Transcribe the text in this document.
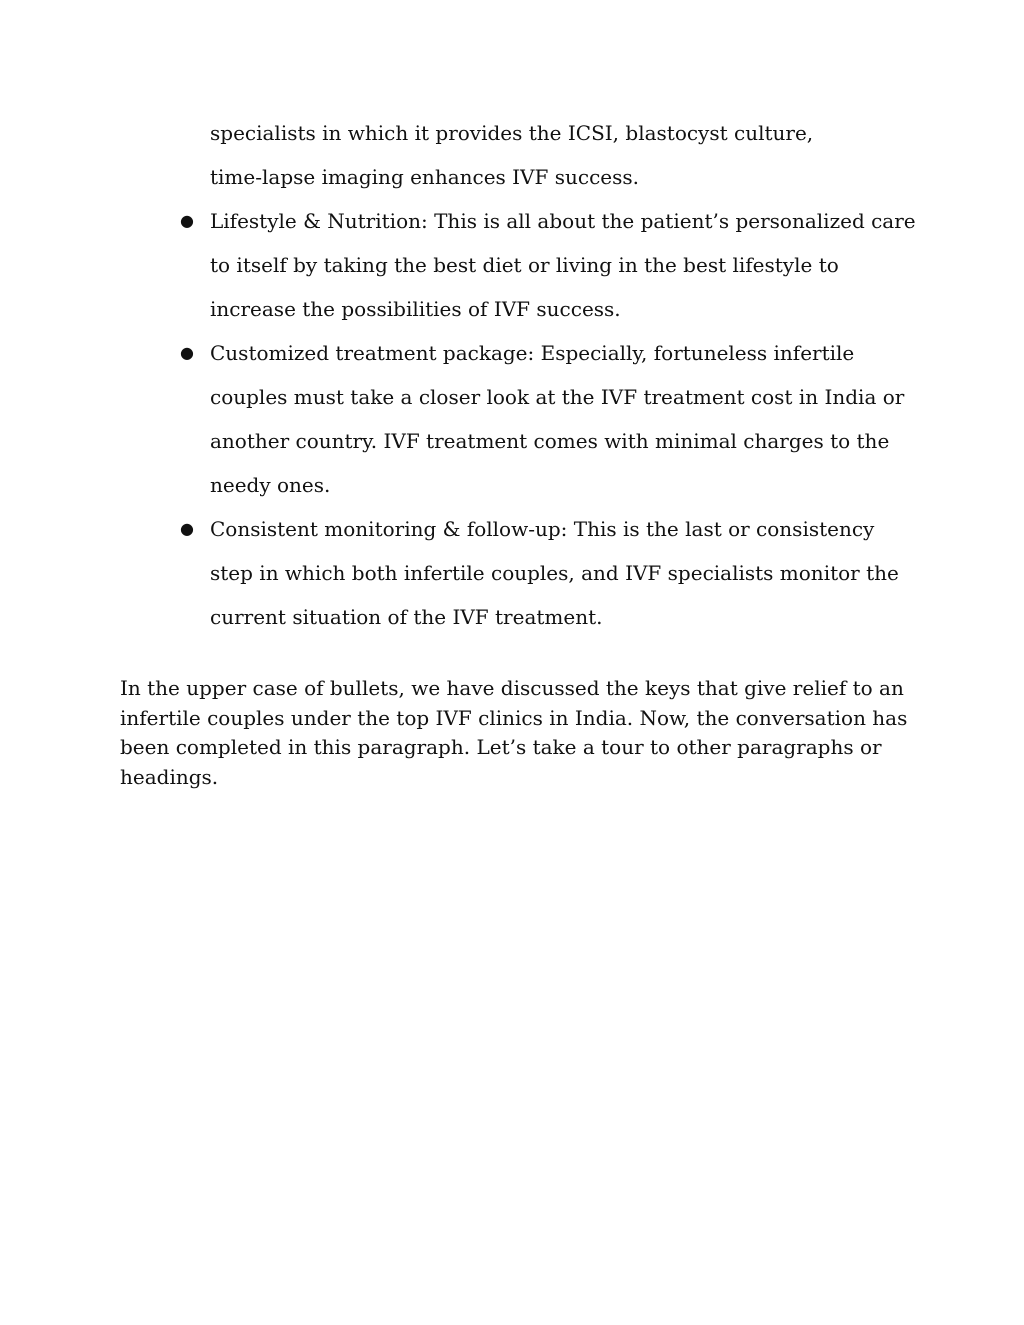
specialists in which it provides the ICSI, blastocyst culture,
time-lapse imaging enhances IVF success.
● Lifestyle & Nutrition: This is all about the patient’s personalized care
to itself by taking the best diet or living in the best lifestyle to
increase the possibilities of IVF success.
● Customized treatment package: Especially, fortuneless infertile
couples must take a closer look at the IVF treatment cost in India or
another country. IVF treatment comes with minimal charges to the
needy ones.
● Consistent monitoring & follow-up: This is the last or consistency
step in which both infertile couples, and IVF specialists monitor the
current situation of the IVF treatment.
In the upper case of bullets, we have discussed the keys that give relief to an
infertile couples under the top IVF clinics in India. Now, the conversation has
been completed in this paragraph. Let’s take a tour to other paragraphs or
headings.
